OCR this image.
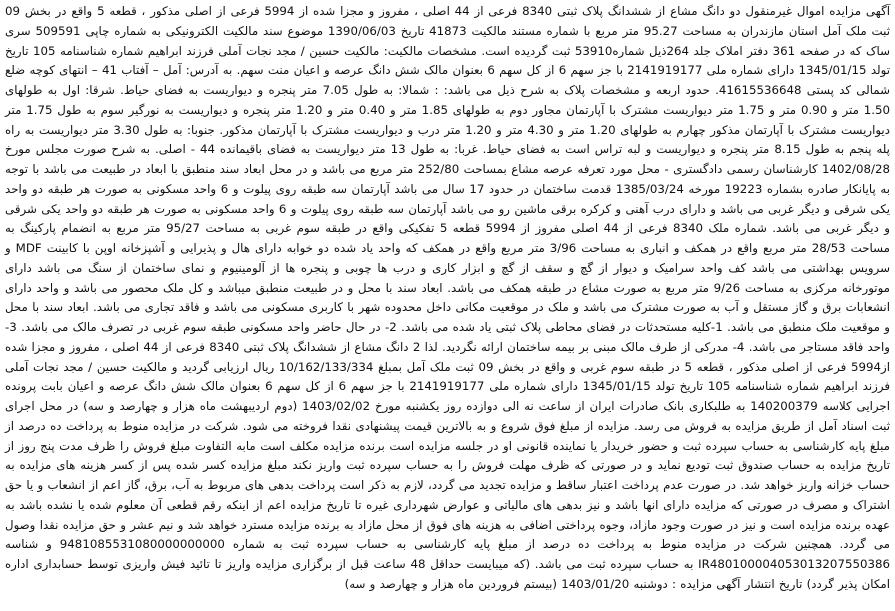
آگهی مزایده اموال غیرمنقول دو دانگ مشاع از ششدانگ پلاک ثبتی 8340 فرعی از 44 اصلی ، مفروز و مجزا شده از 5994 فرعی از اصلی مذکور ، قطعه 5 واقع در بخش 09 ثبت ملک آمل استان مازندران به مساحت 95.27 متر مربع با شماره مستند مالکیت 41873 تاریخ 1390/06/03 موضوع سند مالکیت الکترونیکی به شماره چاپی 509591 سری ساک که در صفحه 361 دفتر املاک جلد 264ذیل شماره53910 ثبت گردیده است. مشخصات مالکیت: مالکیت حسین / مجد نجات آملی فرزند ابراهیم شماره شناسنامه 105 تاریخ تولد 1345/01/15 دارای شماره ملی 2141919177 با جز سهم 6 از کل سهم 6 بعنوان مالک شش دانگ عرصه و اعیان منت سهم. به آدرس: آمل – آفتاب 41 – انتهای کوچه ضلع شمالی کد پستی 41615536648. حدود اربعه و مشخصات پلاک به شرح ذیل می باشد: : شمالا: به طول 7.05 متر پنجره و دیواریست به فضای حیاط. شرقا: اول به طولهای 1.50 متر و 0.90 متر و 1.75 متر دیواریست مشترک با آپارتمان مجاور دوم به طولهای 1.85 متر و 0.40 متر و 1.20 متر پنجره و دیواریست به نورگیر سوم به طول 1.75 متر دیواریست مشترک با آپارتمان مذکور چهارم به طولهای 1.20 متر و 4.30 متر و 1.20 متر درب و دیواریست مشترک با آپارتمان مذکور. جنوبا: به طول 3.30 متر دیواریست به راه پله پنجم به طول 8.15 متر پنجره و دیواریست و لبه تراس است به فضای حیاط. غربا: به طول 13 متر دیواریست به فضای باقیمانده 44 - اصلی. به شرح صورت مجلس مورخ 1402/08/28 کارشناسان رسمی دادگستری - محل مورد تعرفه عرصه مشاع بمساحت 252/80 متر مربع می باشد و در محل ابعاد سند منطبق با ابعاد در طبیعت می باشد با توجه به پایانکار صادره بشماره 19223 مورخه 1385/03/24 قدمت ساختمان در حدود 17 سال می باشد آپارتمان سه طبقه روی پیلوت و 6 واحد مسکونی به صورت هر طبقه دو واحد یکی شرقی و دیگر غربی می باشد و دارای درب آهنی و کرکره برقی ماشین رو می باشد آپارتمان سه طبقه روی پیلوت و 6 واحد مسکونی به صورت هر طبقه دو واحد یکی شرقی و دیگر غربی می باشد. شماره ملک 8340 فرعی از 44 اصلی مفروز از 5994 قطعه 5 تفکیکی واقع در طبقه سوم غربی به مساحت 95/27 متر مربع به انضمام پارکینگ به مساحت 28/53 متر مربع واقع در همکف و انباری به مساحت 3/96 متر مربع واقع در همکف که واحد یاد شده دو خوابه دارای هال و پذیرایی و آشپزخانه اوپن با کابینت MDF و سرویس بهداشتی می باشد کف واحد سرامیک و دیوار از گچ و سقف از گچ و ابزار کاری و درب ها چوبی و پنجره ها از آلومینیوم و نمای ساختمان از سنگ می باشد دارای موتورخانه مرکزی به مساحت 9/26 متر مربع به صورت مشاع در طبقه همکف می باشد. ابعاد سند با محل و در طبیعت منطبق میباشد و کل ملک محصور می باشد و واحد دارای انشعابات برق و گاز مستقل و آب به صورت مشترک می باشد و ملک در موقعیت مکانی داخل محدوده شهر با کاربری مسکونی می باشد و فاقد تجاری می باشد. ابعاد سند با محل و موقعیت ملک منطبق می باشد. 1-کلیه مستحدثات در فضای محاطی پلاک ثبتی یاد شده می باشد. 2- در حال حاضر واحد مسکونی طبقه سوم غربی در تصرف مالک می باشد. 3- واحد فاقد مستاجر می باشد. 4- مدرکی از طرف مالک مبنی بر بیمه ساختمان ارائه نگردید. لذا 2 دانگ مشاع از ششدانگ پلاک ثبتی 8340 فرعی از 44 اصلی ، مفروز و مجزا شده از5994 فرعی از اصلی مذکور ، قطعه 5 در طبقه سوم غربی و واقع در بخش 09 ثبت ملک آمل بمبلغ 10/162/133/334 ریال ارزیابی گردید و مالکیت حسین / مجد نجات آملی فرزند ابراهیم شماره شناسنامه 105 تاریخ تولد 1345/01/15 دارای شماره ملی 2141919177 با جز سهم 6 از کل سهم 6 بعنوان مالک شش دانگ عرصه و اعیان بابت پرونده اجرایی کلاسه 140200379 به طلبکاری بانک صادرات ایران از ساعت نه الی دوازده روز یکشنبه مورخ 1403/02/02 (دوم اردیبهشت ماه هزار و چهارصد و سه) در محل اجرای ثبت اسناد آمل از طریق مزایده به فروش می رسد. مزایده از مبلغ فوق شروع و به بالاترین قیمت پیشنهادی نقدا فروخته می شود. شرکت در مزایده منوط به پرداخت ده درصد از مبلغ پایه کارشناسی به حساب سپرده ثبت و حضور خریدار یا نماینده قانونی او در جلسه مزایده است برنده مزایده مکلف است مابه التفاوت مبلغ فروش را ظرف مدت پنج روز از تاریخ مزایده به حساب صندوق ثبت تودیع نماید و در صورتی که ظرف مهلت فروش را به حساب سپرده ثبت واریز نکند مبلغ مزایده کسر شده پس از کسر هزینه های مزایده به حساب خزانه واریز خواهد شد. در صورت عدم پرداخت اعتبار ساقط و مزایده تجدید می گردد، لازم به ذکر است پرداخت بدهی های مربوط به آب، برق، گاز اعم از انشعاب و یا حق اشتراک و مصرف در صورتی که مزایده دارای انها باشد و نیز بدهی های مالیاتی و عوارض شهرداری غیره تا تاریخ مزایده اعم از اینکه رقم قطعی آن معلوم شده یا نشده باشد به عهده برنده مزایده است و نیز در صورت وجود مازاد، وجوه پرداختی اضافی به هزینه های فوق از محل مازاد به برنده مزایده مسترد خواهد شد و نیم عشر و حق مزایده نقدا وصول می گردد. همچنین شرکت در مزایده منوط به پرداخت ده درصد از مبلغ پایه کارشناسی به حساب سپرده ثبت به شماره 9481085531080000000000 و شناسه IR480100004053013207550386 به حساب سپرده ثبت می باشد. (که میبایست حداقل 48 ساعت قبل از برگزاری مزایده واریز تا تائید فیش واریزی توسط حسابداری اداره امکان پذیر گردد) تاریخ انتشار آگهی مزایده : دوشنبه 1403/01/20 (بیستم فروردین ماه هزار و چهارصد و سه)
